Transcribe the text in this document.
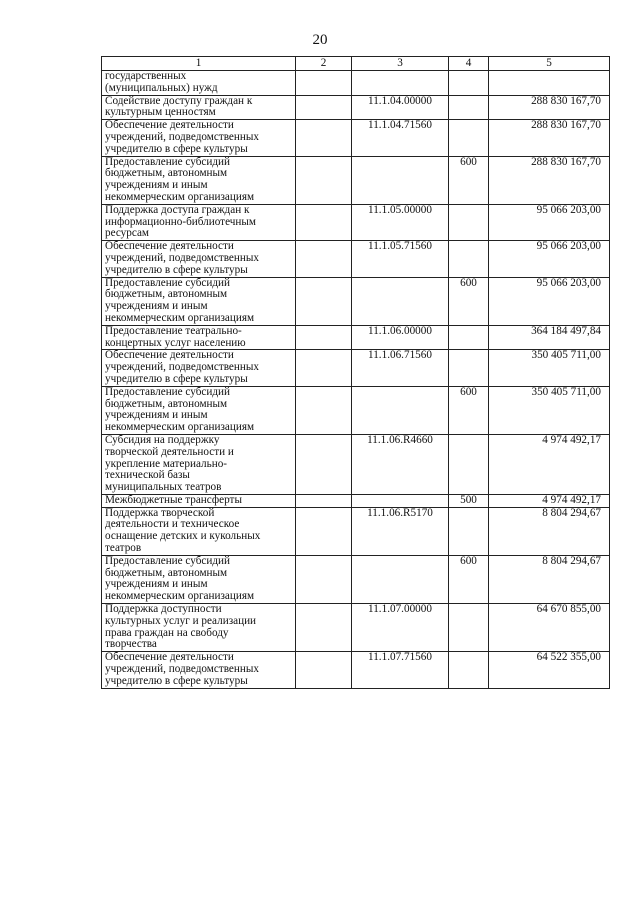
20
1	2	3	4	5
государственных
(муниципальных) нужд				
Содействие доступу граждан к
культурным ценностям		11.1.04.00000		288 830 167,70
Обеспечение деятельности
учреждений, подведомственных
учредителю в сфере культуры		11.1.04.71560		288 830 167,70
Предоставление субсидий
бюджетным, автономным
учреждениям и иным
некоммерческим организациям			600	288 830 167,70
Поддержка доступа граждан к
информационно-библиотечным
ресурсам		11.1.05.00000		95 066 203,00
Обеспечение деятельности
учреждений, подведомственных
учредителю в сфере культуры		11.1.05.71560		95 066 203,00
Предоставление субсидий
бюджетным, автономным
учреждениям и иным
некоммерческим организациям			600	95 066 203,00
Предоставление театрально-
концертных услуг населению		11.1.06.00000		364 184 497,84
Обеспечение деятельности
учреждений, подведомственных
учредителю в сфере культуры		11.1.06.71560		350 405 711,00
Предоставление субсидий
бюджетным, автономным
учреждениям и иным
некоммерческим организациям			600	350 405 711,00
Субсидия на поддержку
творческой деятельности и
укрепление материально-
технической базы
муниципальных театров		11.1.06.R4660		4 974 492,17
Межбюджетные трансферты			500	4 974 492,17
Поддержка творческой
деятельности и техническое
оснащение детских и кукольных
театров		11.1.06.R5170		8 804 294,67
Предоставление субсидий
бюджетным, автономным
учреждениям и иным
некоммерческим организациям			600	8 804 294,67
Поддержка доступности
культурных услуг и реализации
права граждан на свободу
творчества		11.1.07.00000		64 670 855,00
Обеспечение деятельности
учреждений, подведомственных
учредителю в сфере культуры		11.1.07.71560		64 522 355,00
